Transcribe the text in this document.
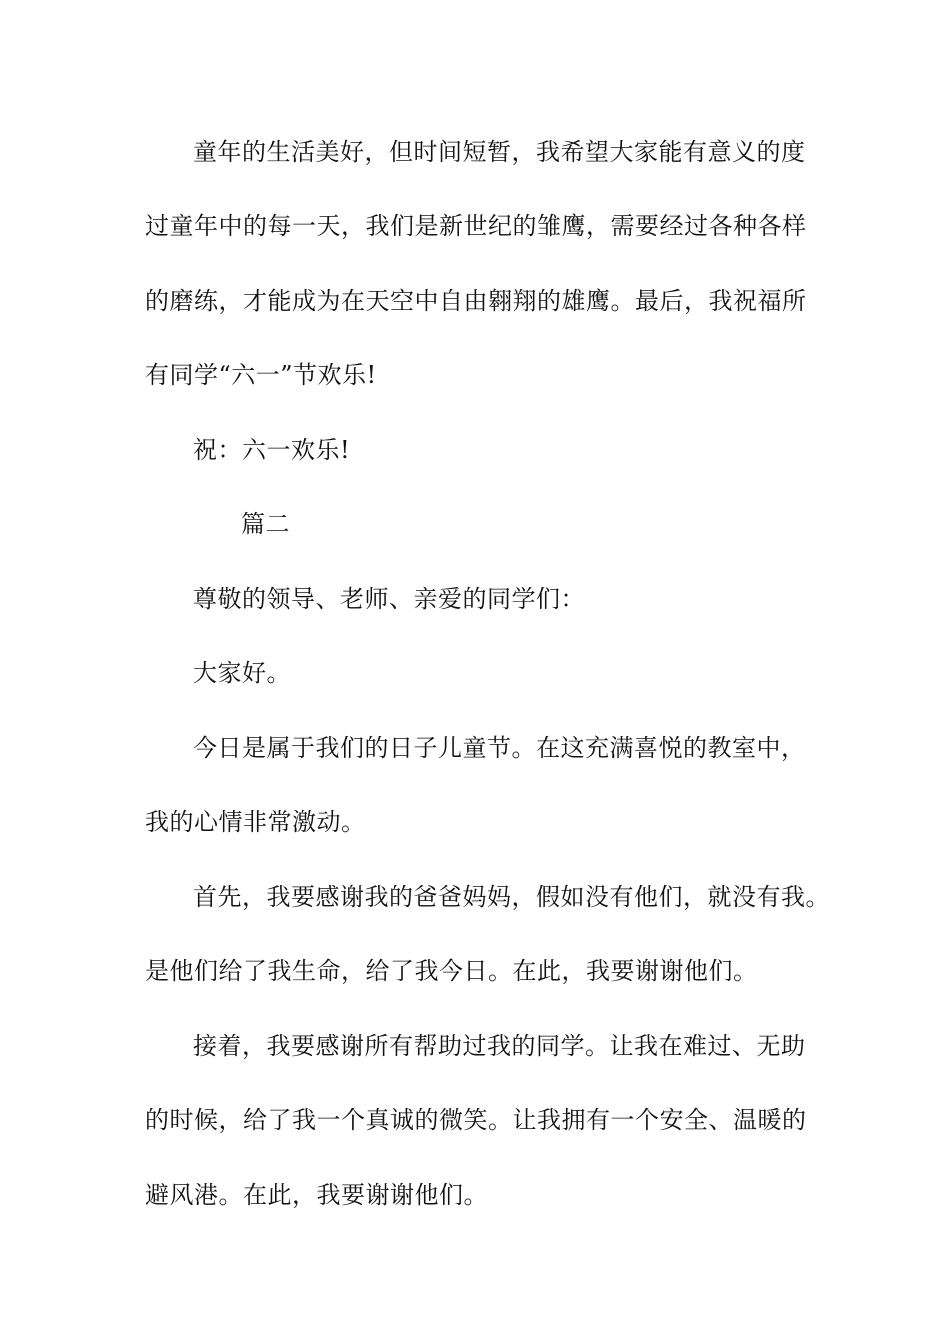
童年的生活美好，但时间短暂，我希望大家能有意义的度
过童年中的每一天，我们是新世纪的雏鹰，需要经过各种各样
的磨练，才能成为在天空中自由翱翔的雄鹰。最后，我祝福所
有同学“六一”节欢乐!
祝：六一欢乐!
篇二
尊敬的领导、老师、亲爱的同学们：
大家好。
今日是属于我们的日子儿童节。在这充满喜悦的教室中，
我的心情非常激动。
首先，我要感谢我的爸爸妈妈，假如没有他们，就没有我。
是他们给了我生命，给了我今日。在此，我要谢谢他们。
接着，我要感谢所有帮助过我的同学。让我在难过、无助
的时候，给了我一个真诚的微笑。让我拥有一个安全、温暖的
避风港。在此，我要谢谢他们。
